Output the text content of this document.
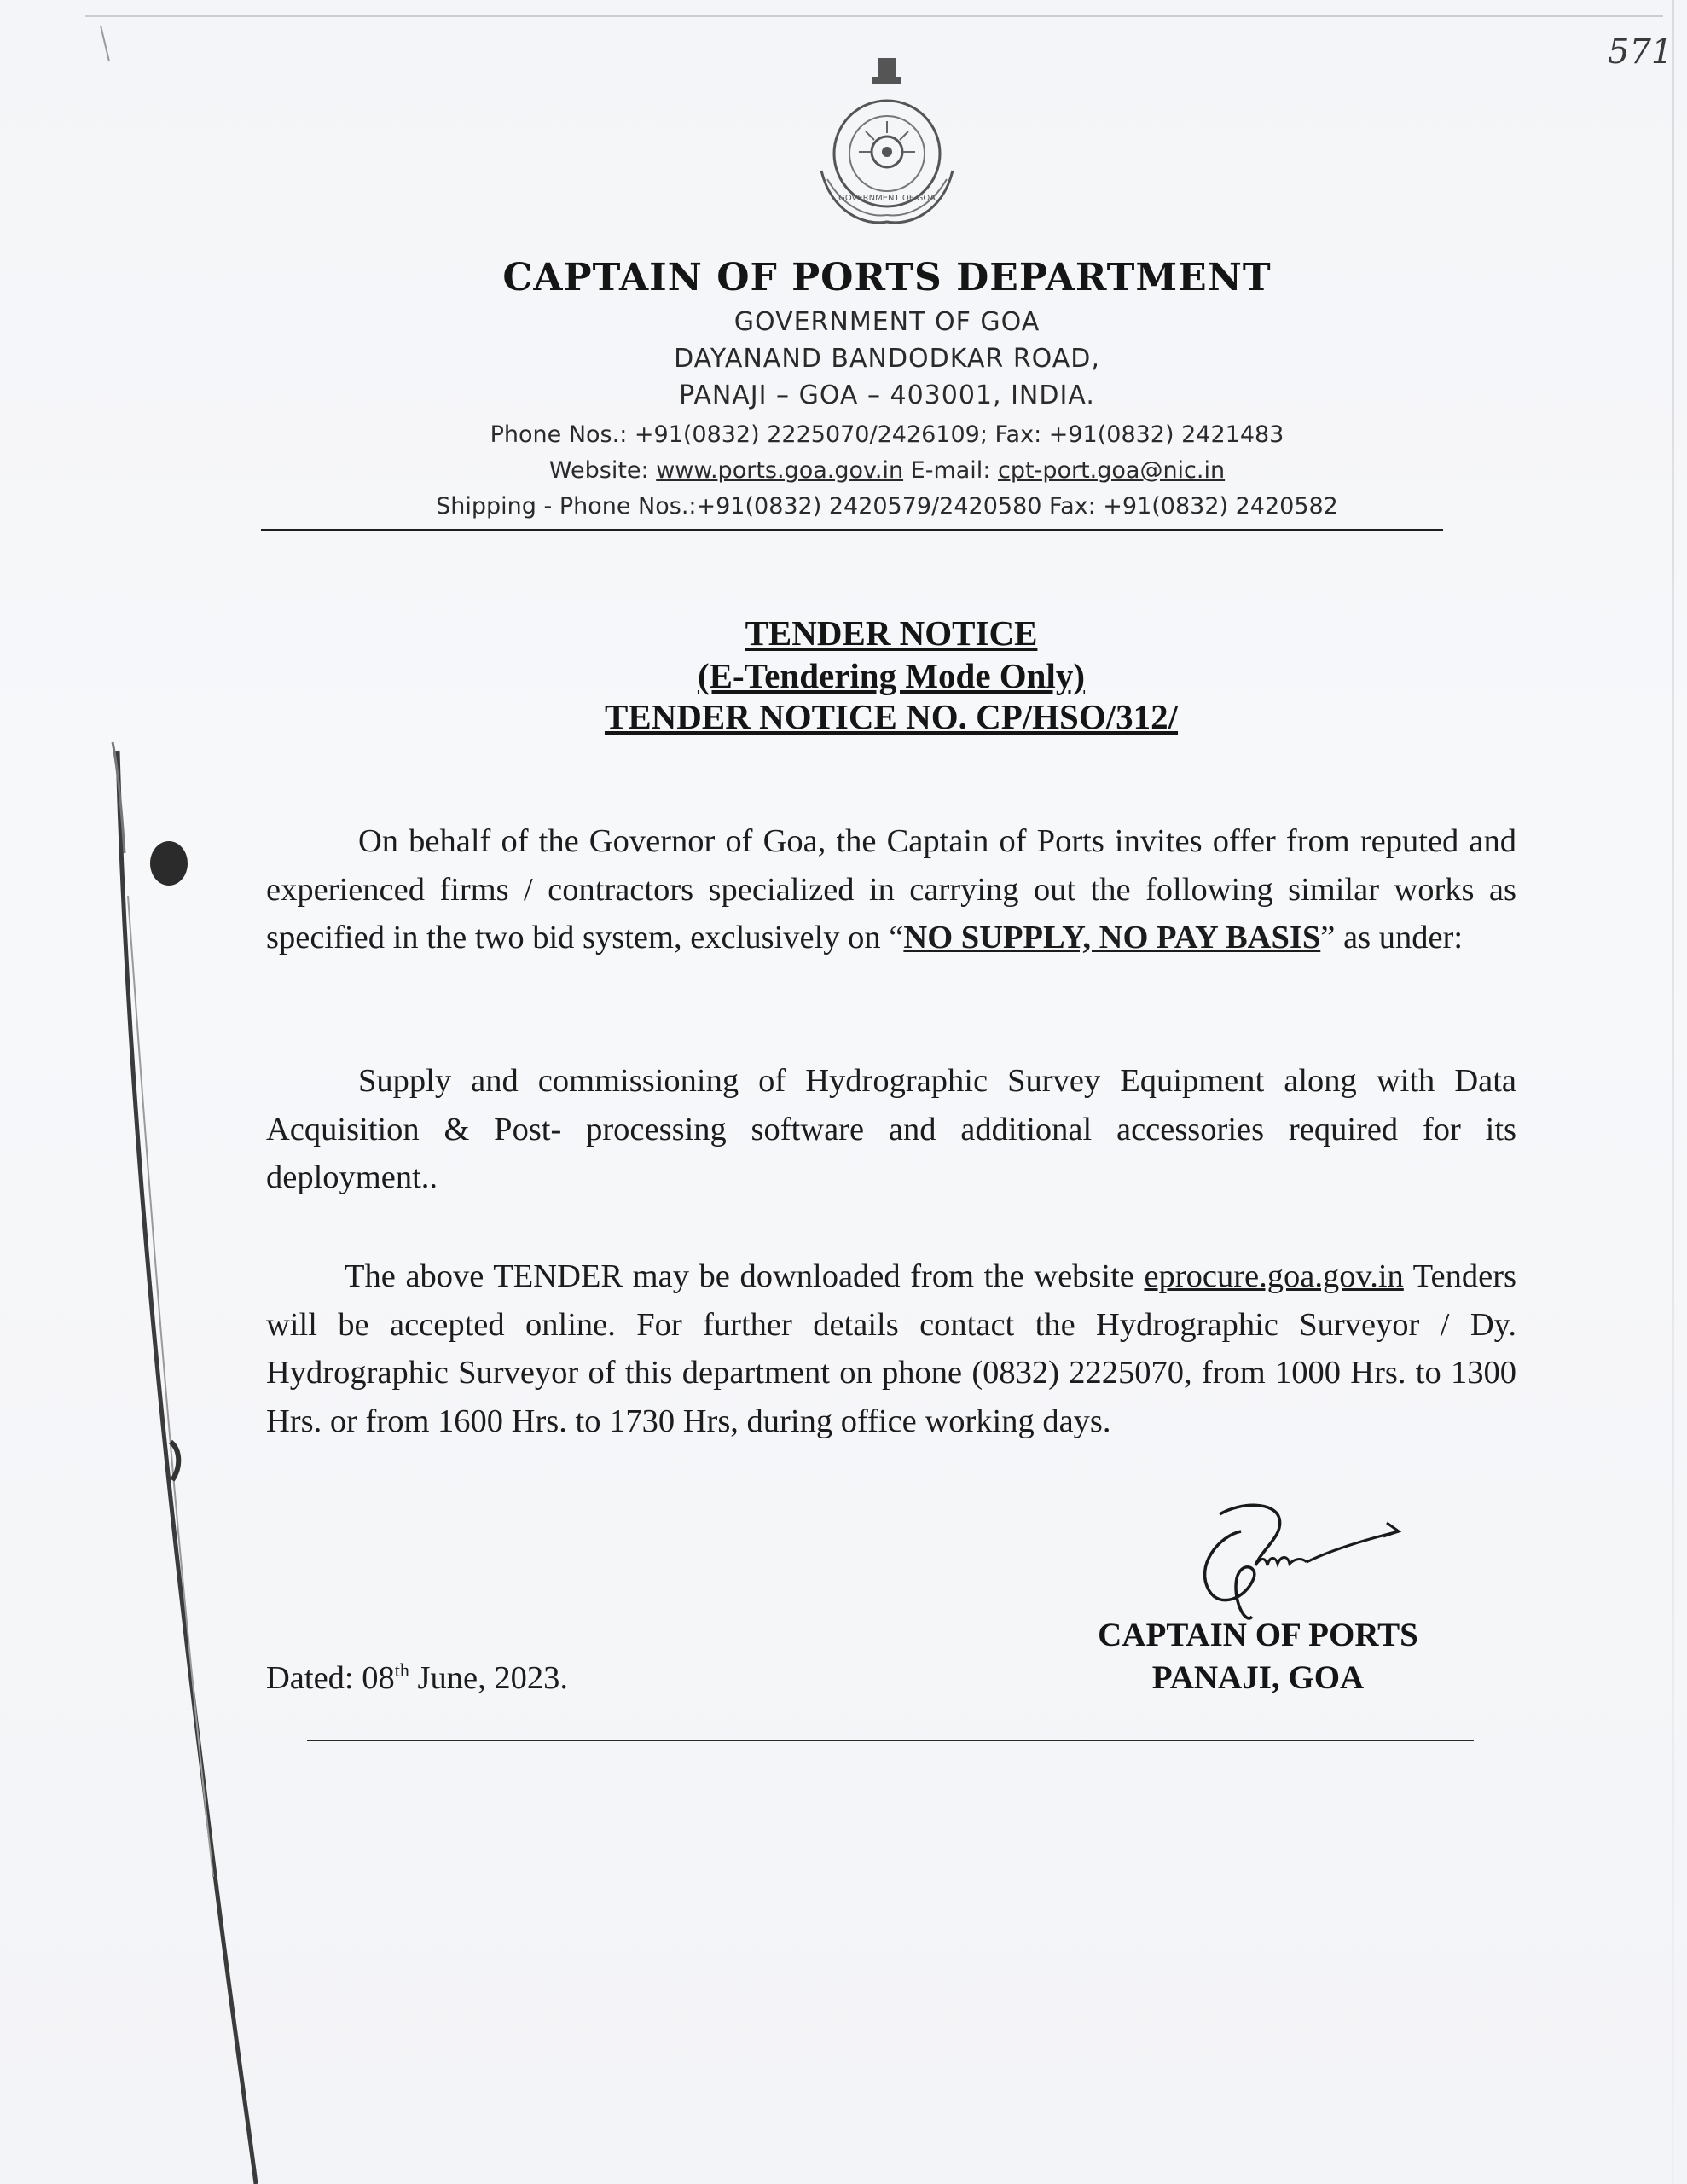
571
GOVERNMENT OF GOA
CAPTAIN OF PORTS DEPARTMENT
GOVERNMENT OF GOA
DAYANAND BANDODKAR ROAD,
PANAJI – GOA – 403001, INDIA.
Phone Nos.: +91(0832) 2225070/2426109; Fax: +91(0832) 2421483
Website: www.ports.goa.gov.in E-mail: cpt-port.goa@nic.in
Shipping - Phone Nos.:+91(0832) 2420579/2420580 Fax: +91(0832) 2420582
TENDER NOTICE
(E-Tendering Mode Only)
TENDER NOTICE NO. CP/HSO/312/

On behalf of the Governor of Goa, the Captain of Ports invites offer from reputed and experienced firms / contractors specialized in carrying out the following similar works as specified in the two bid system, exclusively on “NO SUPPLY, NO PAY BASIS” as under:

Supply and commissioning of Hydrographic Survey Equipment along with Data Acquisition & Post- processing software and additional accessories required for its deployment..

The above TENDER may be downloaded from the website eprocure.goa.gov.in Tenders will be accepted online. For further details contact the Hydrographic Surveyor / Dy. Hydrographic Surveyor of this department on phone (0832) 2225070, from 1000 Hrs. to 1300 Hrs. or from 1600 Hrs. to 1730 Hrs, during office working days.

CAPTAIN OF PORTS
PANAJI, GOA
Dated: 08th June, 2023.
